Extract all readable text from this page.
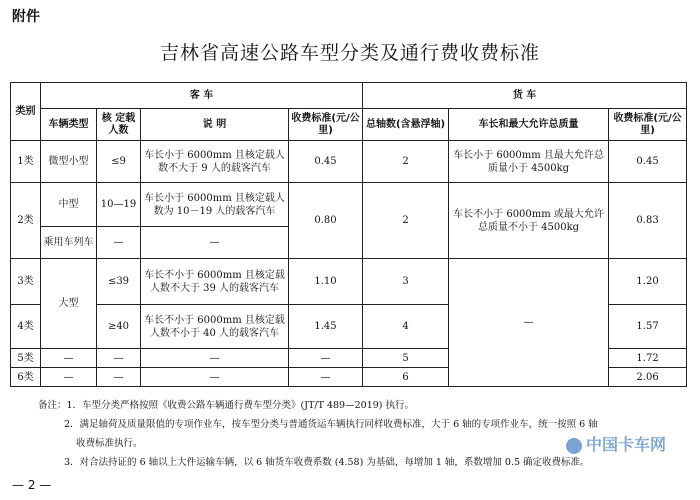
附件
吉林省高速公路车型分类及通行费收费标准
类别	客 车				货 车		
	车辆类型	核 定载人数	说 明	收费标准(元/公里)	总轴数(含悬浮轴)	车长和最大允许总质量	收费标准(元/公里)
1类	微型小型	≤9	车长小于 6000mm 且核定载人数不大于 9 人的载客汽车	0.45	2	车长小于 6000mm 且最大允许总质量小于 4500kg	0.45
2类	中型	10—19	车长小于 6000mm 且核定载人数为 10－19 人的载客汽车	0.80	2	车长不小于 6000mm 或最大允许总质量不小于 4500kg	0.83
	乘用车列车	—	—				
3类	大型	≤39	车长不小于 6000mm 且核定载人数不大于 39 人的载客汽车	1.10	3	—	1.20
4类		≥40	车长不小于 6000mm 且核定载人数不小于 40 人的载客汽车	1.45	4		1.57
5类	—	—	—	—	5		1.72
6类	—	—	—	—	6		2.06
备注：1．车型分类严格按照《收费公路车辆通行费车型分类》(JT/T 489—2019) 执行。
2．满足轴荷及质量限值的专项作业车，按车型分类与普通货运车辆执行同样收费标准，大于 6 轴的专项作业车，统一按照 6 轴
收费标准执行。
3．对合法持证的 6 轴以上大件运输车辆，以 6 轴货车收费系数 (4.58) 为基础，每增加 1 轴，系数增加 0.5 确定收费标准。
— 2 —
中国卡车网
